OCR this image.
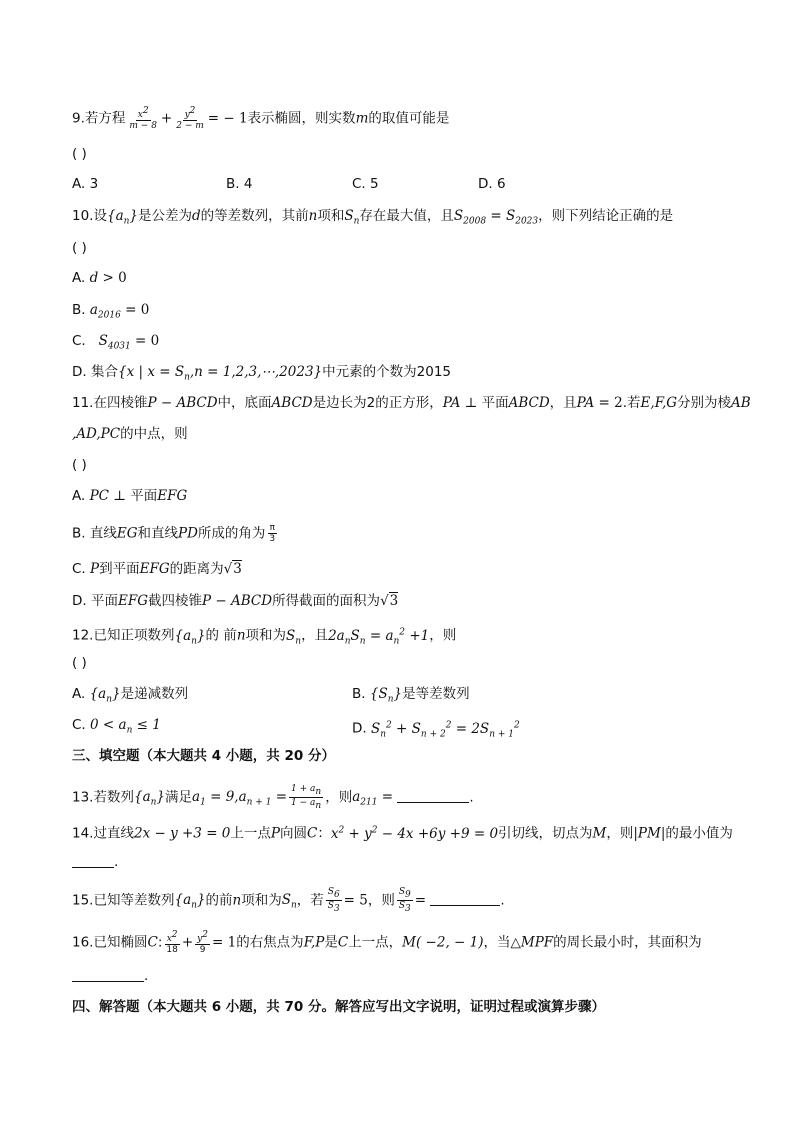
9.若方程 $\frac{x^2}{m - 8} + \frac{y^2}{2 - m}$ = − 1表示椭圆，则实数m的取值可能是
( )
A. 3	B. 4	C. 5	D. 6
10.设$\{a_n\}$是公差为d的等差数列，其前n项和$S_n$存在最大值，且$S_{2008} = S_{2023}$，则下列结论正确的是
( )
A. d > 0
B. $a_{2016} = 0$
C. $S_{4031} = 0$
D. 集合{x | $x = S_n,n$ = 1,2,3,⋯,2023}中元素的个数为2015
11.在四棱锥P − ABCD中，底面ABCD是边长为2的正方形，PA ⊥ 平面ABCD，且PA = 2.若E,F,G分别为棱AB
,AD,PC的中点，则
( )
A. PC ⊥ 平面EFG
B. 直线EG和直线PD所成的角为 $\frac{\pi}{3}$
C. P到平面EFG的距离为√3
D. 平面EFG截四棱锥P − ABCD所得截面的面积为√3
12.已知正项数列$\{a_n\}$的 前n项和为$S_n$，且$2a_nS_n = a_n^2 +1$，则
( )
A. $\{a_n\}$是递减数列	B. $\{S_n\}$是等差数列
C. $0 < a_n \le 1$	D. $S_n^2 + S_{n + 2}^2 = 2S_{n + 1}^2$
三、填空题（本大题共 4 小题，共 20 分）
13.若数列$\{a_n\}$满足$a_1 = 9,a_{n + 1} = \frac{1 + a_n}{1 - a_n}$ ，则$a_{211}$ =	.
14.过直线2x − y +3 = 0上一点P向圆C：$x^2 + y^2 - 4x +6y +9 = 0$引切线，切点为M，则|PM|的最小值为
.
15.已知等差数列$\{a_n\}$的前n项和为$S_n$，若 $\frac{S_6}{S_3} = 5$，则 $\frac{S_9}{S_3}$ =	.
16.已知椭圆C: $\frac{x^2}{18} + \frac{y^2}{9} = 1$的右焦点为F,P是C上一点，M( −2, − 1)，当△MPF的周长最小时，其面积为
.
四、解答题（本大题共 6 小题，共 70 分。解答应写出文字说明，证明过程或演算步骤）
